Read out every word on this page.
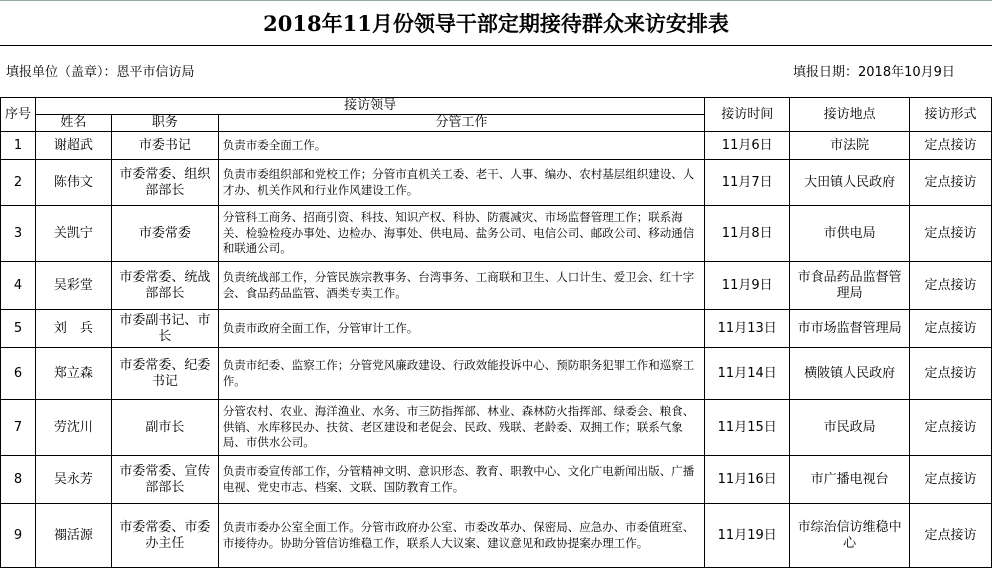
2018年11月份领导干部定期接待群众来访安排表
填报单位（盖章）：恩平市信访局	填报日期：2018年10月9日
序号	接访领导			接访时间	接访地点	接访形式
	姓名	职务	分管工作			
1	谢超武	市委书记	负责市委全面工作。	11月6日	市法院	定点接访
2	陈伟文	市委常委、组织部部长	负责市委组织部和党校工作；分管市直机关工委、老干、人事、编办、农村基层组织建设、人才办、机关作风和行业作风建设工作。	11月7日	大田镇人民政府	定点接访
3	关凯宁	市委常委	分管科工商务、招商引资、科技、知识产权、科协、防震减灾、市场监督管理工作；联系海关、检验检疫办事处、边检办、海事处、供电局、盐务公司、电信公司、邮政公司、移动通信和联通公司。	11月8日	市供电局	定点接访
4	吴彩堂	市委常委、统战部部长	负责统战部工作，分管民族宗教事务、台湾事务、工商联和卫生、人口计生、爱卫会、红十字会、食品药品监管、酒类专卖工作。	11月9日	市食品药品监督管理局	定点接访
5	刘　兵	市委副书记、市长	负责市政府全面工作，分管审计工作。	11月13日	市市场监督管理局	定点接访
6	郑立森	市委常委、纪委书记	负责市纪委、监察工作；分管党风廉政建设、行政效能投诉中心、预防职务犯罪工作和巡察工作。	11月14日	横陂镇人民政府	定点接访
7	劳沈川	副市长	分管农村、农业、海洋渔业、水务、市三防指挥部、林业、森林防火指挥部、绿委会、粮食、供销、水库移民办、扶贫、老区建设和老促会、民政、残联、老龄委、双拥工作；联系气象局、市供水公司。	11月15日	市民政局	定点接访
8	吴永芳	市委常委、宣传部部长	负责市委宣传部工作，分管精神文明、意识形态、教育、职教中心、文化广电新闻出版、广播电视、党史市志、档案、文联、国防教育工作。	11月16日	市广播电视台	定点接访
9	禤活源	市委常委、市委办主任	负责市委办公室全面工作。分管市政府办公室、市委改革办、保密局、应急办、市委值班室、市接待办。协助分管信访维稳工作，联系人大议案、建议意见和政协提案办理工作。	11月19日	市综治信访维稳中心	定点接访
